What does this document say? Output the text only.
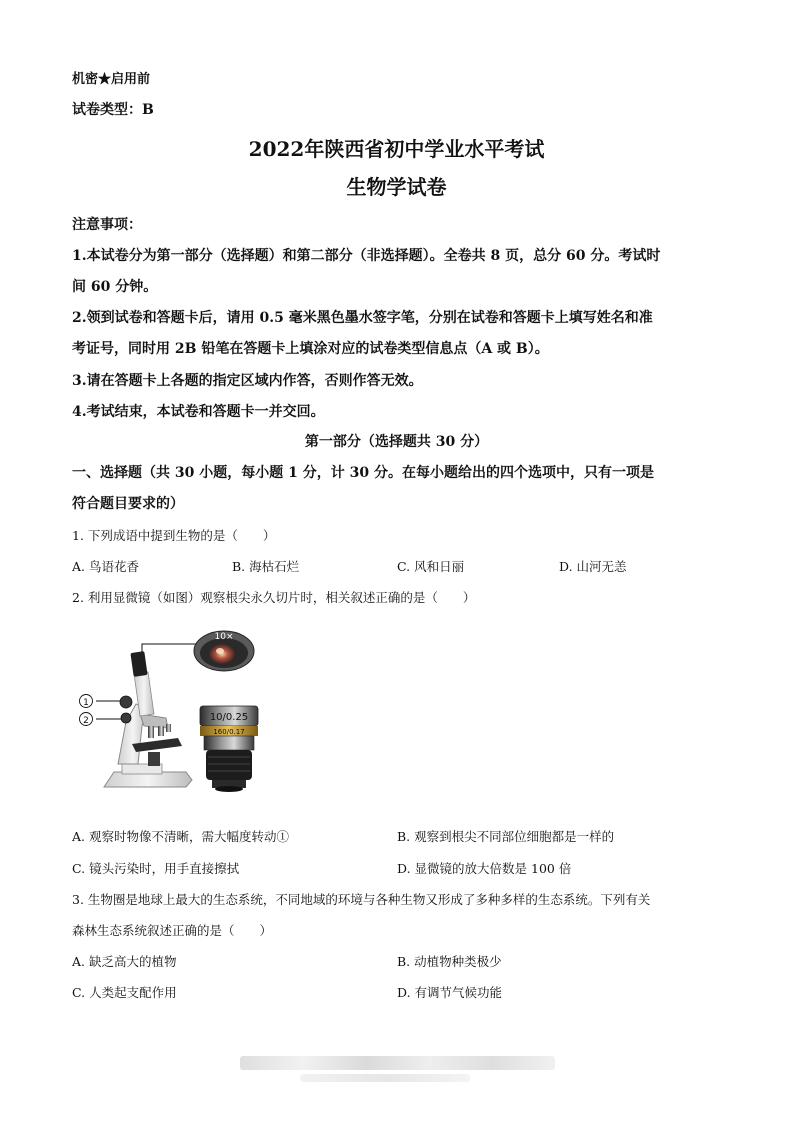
机密★启用前
试卷类型：B
2022年陕西省初中学业水平考试
生物学试卷
注意事项：
1.本试卷分为第一部分（选择题）和第二部分（非选择题）。全卷共 8 页，总分 60 分。考试时
间 60 分钟。
2.领到试卷和答题卡后，请用 0.5 毫米黑色墨水签字笔，分别在试卷和答题卡上填写姓名和准
考证号，同时用 2B 铅笔在答题卡上填涂对应的试卷类型信息点（A 或 B）。
3.请在答题卡上各题的指定区域内作答，否则作答无效。
4.考试结束，本试卷和答题卡一并交回。
第一部分（选择题共 30 分）
一、选择题（共 30 小题，每小题 1 分，计 30 分。在每小题给出的四个选项中，只有一项是
符合题目要求的）
1. 下列成语中提到生物的是（　　）
A. 鸟语花香	B. 海枯石烂	C. 风和日丽	D. 山河无恙
2. 利用显微镜（如图）观察根尖永久切片时，相关叙述正确的是（　　）
1
2
10×
10/0.25
160/0.17
A. 观察时物像不清晰，需大幅度转动①	B. 观察到根尖不同部位细胞都是一样的
C. 镜头污染时，用手直接擦拭	D. 显微镜的放大倍数是 100 倍
3. 生物圈是地球上最大的生态系统，不同地域的环境与各种生物又形成了多种多样的生态系统。下列有关
森林生态系统叙述正确的是（　　）
A. 缺乏高大的植物	B. 动植物种类极少
C. 人类起支配作用	D. 有调节气候功能
